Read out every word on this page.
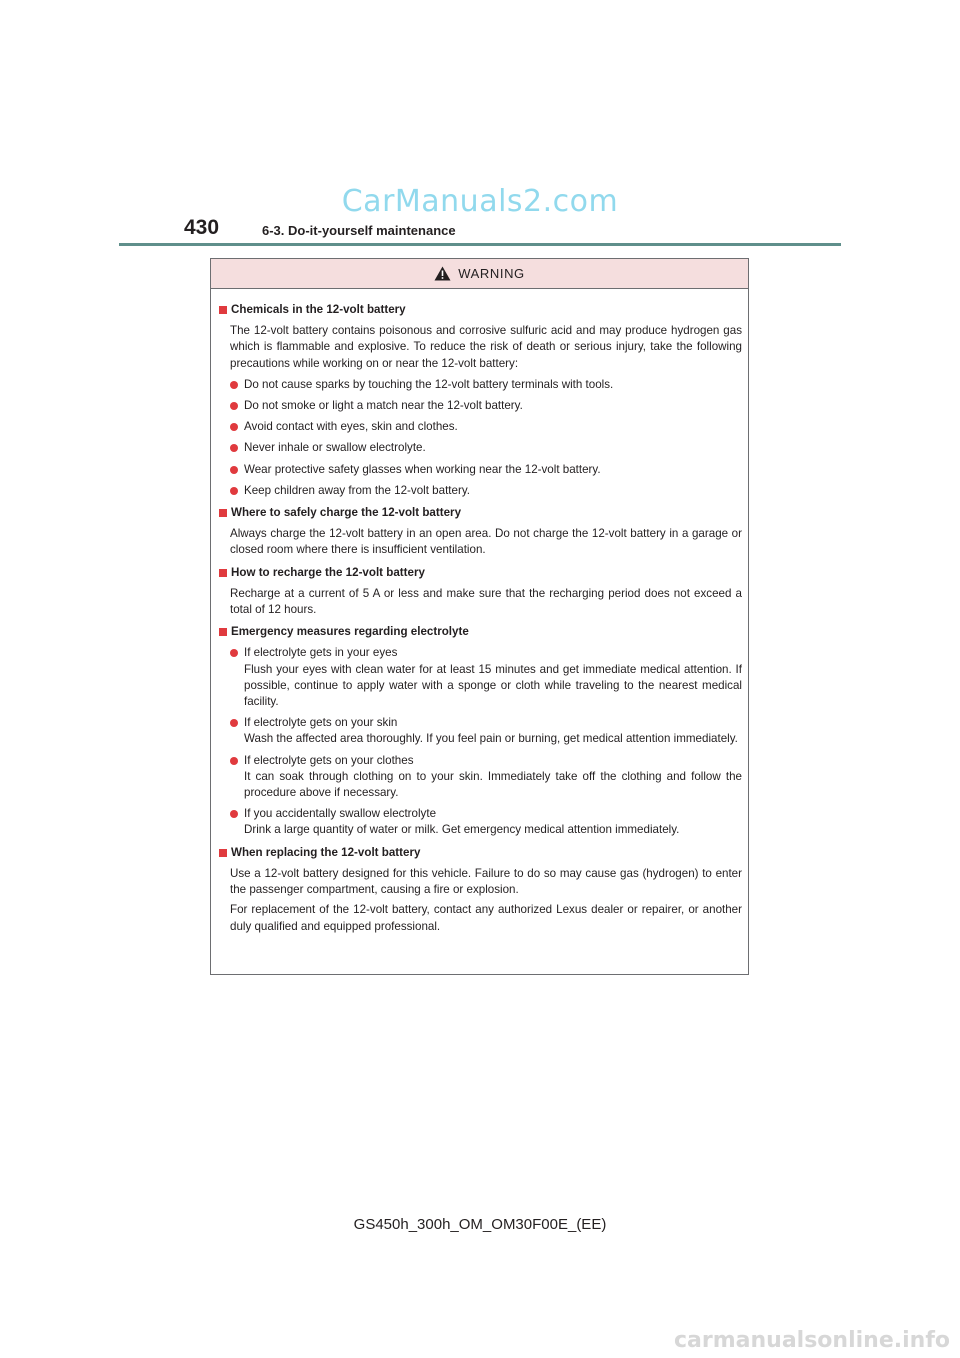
CarManuals2.com
430	6-3. Do-it-yourself maintenance
WARNING
Chemicals in the 12-volt battery
The 12-volt battery contains poisonous and corrosive sulfuric acid and may produce hydrogen gas which is flammable and explosive. To reduce the risk of death or serious injury, take the following precautions while working on or near the 12-volt battery:
Do not cause sparks by touching the 12-volt battery terminals with tools.
Do not smoke or light a match near the 12-volt battery.
Avoid contact with eyes, skin and clothes.
Never inhale or swallow electrolyte.
Wear protective safety glasses when working near the 12-volt battery.
Keep children away from the 12-volt battery.
Where to safely charge the 12-volt battery
Always charge the 12-volt battery in an open area. Do not charge the 12-volt battery in a garage or closed room where there is insufficient ventilation.
How to recharge the 12-volt battery
Recharge at a current of 5 A or less and make sure that the recharging period does not exceed a total of 12 hours.
Emergency measures regarding electrolyte
If electrolyte gets in your eyes
Flush your eyes with clean water for at least 15 minutes and get immediate medical attention. If possible, continue to apply water with a sponge or cloth while traveling to the nearest medical facility.
If electrolyte gets on your skin
Wash the affected area thoroughly. If you feel pain or burning, get medical attention immediately.
If electrolyte gets on your clothes
It can soak through clothing on to your skin. Immediately take off the clothing and follow the procedure above if necessary.
If you accidentally swallow electrolyte
Drink a large quantity of water or milk. Get emergency medical attention immediately.
When replacing the 12-volt battery
Use a 12-volt battery designed for this vehicle. Failure to do so may cause gas (hydrogen) to enter the passenger compartment, causing a fire or explosion.
For replacement of the 12-volt battery, contact any authorized Lexus dealer or repairer, or another duly qualified and equipped professional.
GS450h_300h_OM_OM30F00E_(EE)
carmanualsonline.info
